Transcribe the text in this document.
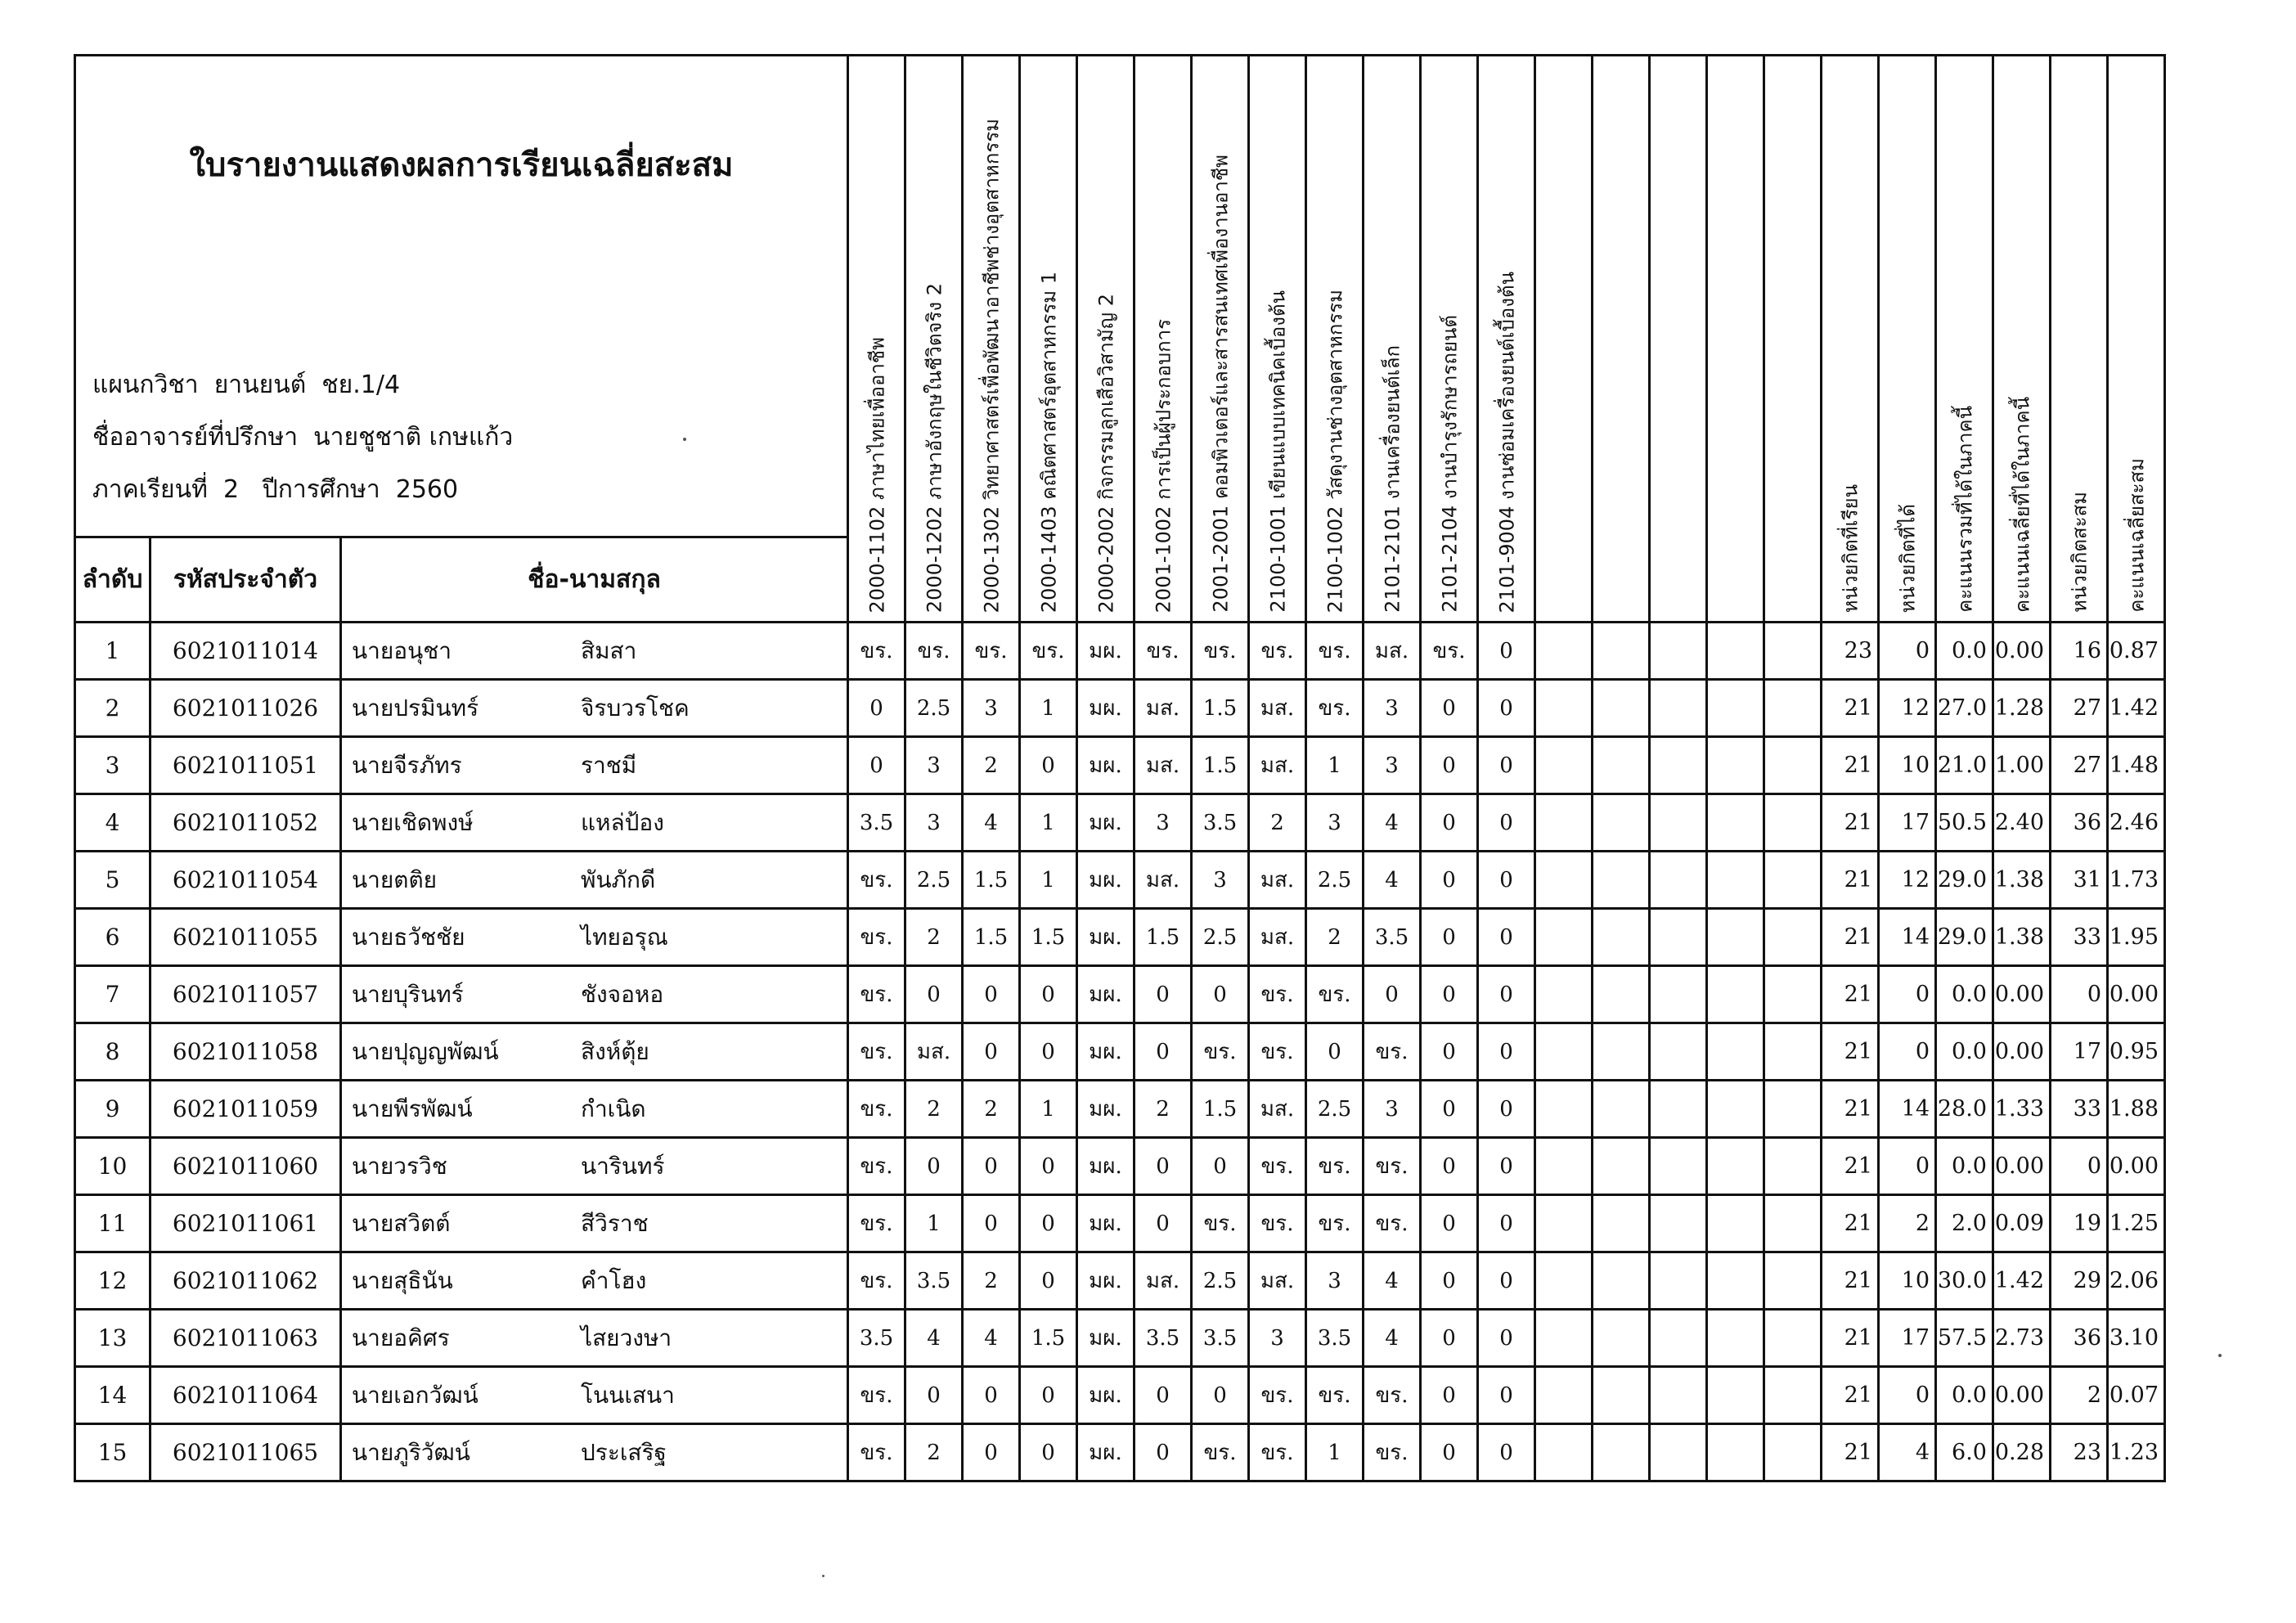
ใบรายงานแสดงผลการเรียนเฉลี่ยสะสม
แผนกวิชา  ยานยนต์  ชย.1/4
ชื่ออาจารย์ที่ปรึกษา  นายชูชาติ เกษแก้ว
ภาคเรียนที่  2   ปีการศึกษา  2560			2000-1102 ภาษาไทยเพื่ออาชีพ	2000-1202 ภาษาอังกฤษในชีวิตจริง 2	2000-1302 วิทยาศาสตร์เพื่อพัฒนาอาชีพช่างอุตสาหกรรม	2000-1403 คณิตศาสตร์อุตสาหกรรม 1	2000-2002 กิจกรรมลูกเสือวิสามัญ 2	2001-1002 การเป็นผู้ประกอบการ	2001-2001 คอมพิวเตอร์และสารสนเทศเพื่องานอาชีพ	2100-1001 เขียนแบบเทคนิคเบื้องต้น	2100-1002 วัสดุงานช่างอุตสาหกรรม	2101-2101 งานเครื่องยนต์เล็ก	2101-2104 งานบำรุงรักษารถยนต์	2101-9004 งานซ่อมเครื่องยนต์เบื้องต้น						หน่วยกิตที่เรียน	หน่วยกิตที่ได้	คะแนนรวมที่ได้ในภาคนี้	คะแนนเฉลี่ยที่ได้ในภาคนี้	หน่วยกิตสะสม	คะแนนเฉลี่ยสะสม

ลำดับ	รหัสประจำตัว	ชื่อ-นามสกุล																							
1	6021011014	นายอนุชา สิมสา	ขร.	ขร.	ขร.	ขร.	มผ.	ขร.	ขร.	ขร.	ขร.	มส.	ขร.	0						23	0	0.0	0.00	16	0.87
2	6021011026	นายปรมินทร์ จิรบวรโชค	0	2.5	3	1	มผ.	มส.	1.5	มส.	ขร.	3	0	0						21	12	27.0	1.28	27	1.42
3	6021011051	นายจีรภัทร ราชมี	0	3	2	0	มผ.	มส.	1.5	มส.	1	3	0	0						21	10	21.0	1.00	27	1.48
4	6021011052	นายเชิดพงษ์ แหล่ป้อง	3.5	3	4	1	มผ.	3	3.5	2	3	4	0	0						21	17	50.5	2.40	36	2.46
5	6021011054	นายตติย พันภักดี	ขร.	2.5	1.5	1	มผ.	มส.	3	มส.	2.5	4	0	0						21	12	29.0	1.38	31	1.73
6	6021011055	นายธวัชชัย ไทยอรุณ	ขร.	2	1.5	1.5	มผ.	1.5	2.5	มส.	2	3.5	0	0						21	14	29.0	1.38	33	1.95
7	6021011057	นายบุรินทร์ ชังจอหอ	ขร.	0	0	0	มผ.	0	0	ขร.	ขร.	0	0	0						21	0	0.0	0.00	0	0.00
8	6021011058	นายปุญญพัฒน์ สิงห์ตุ้ย	ขร.	มส.	0	0	มผ.	0	ขร.	ขร.	0	ขร.	0	0						21	0	0.0	0.00	17	0.95
9	6021011059	นายพีรพัฒน์ กำเนิด	ขร.	2	2	1	มผ.	2	1.5	มส.	2.5	3	0	0						21	14	28.0	1.33	33	1.88
10	6021011060	นายวรวิช นารินทร์	ขร.	0	0	0	มผ.	0	0	ขร.	ขร.	ขร.	0	0						21	0	0.0	0.00	0	0.00
11	6021011061	นายสวิตต์ สีวิราช	ขร.	1	0	0	มผ.	0	ขร.	ขร.	ขร.	ขร.	0	0						21	2	2.0	0.09	19	1.25
12	6021011062	นายสุธินัน คำโฮง	ขร.	3.5	2	0	มผ.	มส.	2.5	มส.	3	4	0	0						21	10	30.0	1.42	29	2.06
13	6021011063	นายอคิศร ไสยวงษา	3.5	4	4	1.5	มผ.	3.5	3.5	3	3.5	4	0	0						21	17	57.5	2.73	36	3.10
14	6021011064	นายเอกวัฒน์ โนนเสนา	ขร.	0	0	0	มผ.	0	0	ขร.	ขร.	ขร.	0	0						21	0	0.0	0.00	2	0.07
15	6021011065	นายภูริวัฒน์ ประเสริฐ	ขร.	2	0	0	มผ.	0	ขร.	ขร.	1	ขร.	0	0						21	4	6.0	0.28	23	1.23
